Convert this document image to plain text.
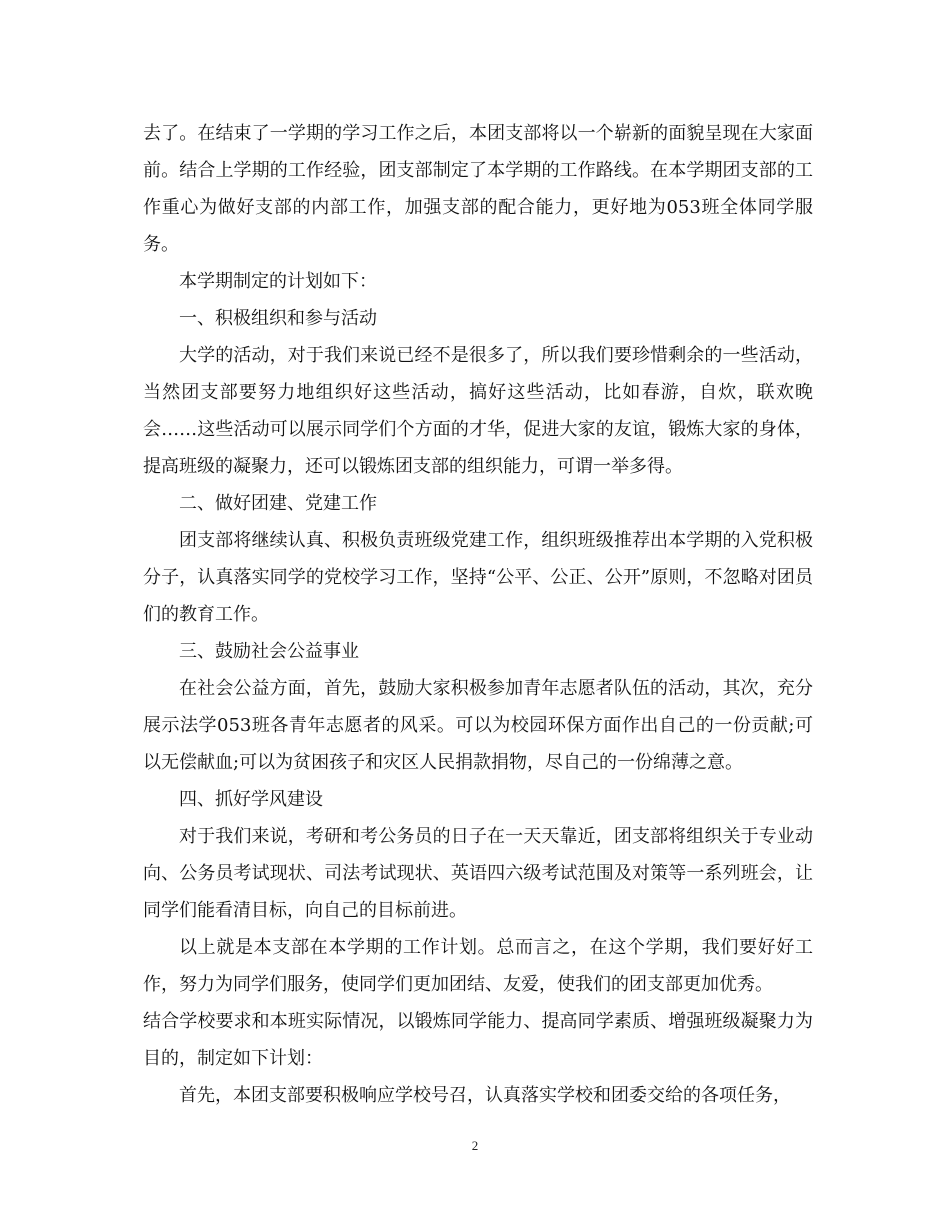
去了。在结束了一学期的学习工作之后，本团支部将以一个崭新的面貌呈现在大家面前。结合上学期的工作经验，团支部制定了本学期的工作路线。在本学期团支部的工作重心为做好支部的内部工作，加强支部的配合能力，更好地为053班全体同学服务。

本学期制定的计划如下：

一、积极组织和参与活动

大学的活动，对于我们来说已经不是很多了，所以我们要珍惜剩余的一些活动，当然团支部要努力地组织好这些活动，搞好这些活动，比如春游，自炊，联欢晚会……这些活动可以展示同学们个方面的才华，促进大家的友谊，锻炼大家的身体，提高班级的凝聚力，还可以锻炼团支部的组织能力，可谓一举多得。

二、做好团建、党建工作

团支部将继续认真、积极负责班级党建工作，组织班级推荐出本学期的入党积极分子，认真落实同学的党校学习工作，坚持“公平、公正、公开”原则，不忽略对团员们的教育工作。

三、鼓励社会公益事业

在社会公益方面，首先，鼓励大家积极参加青年志愿者队伍的活动，其次，充分展示法学053班各青年志愿者的风采。可以为校园环保方面作出自己的一份贡献;可以无偿献血;可以为贫困孩子和灾区人民捐款捐物，尽自己的一份绵薄之意。

四、抓好学风建设

对于我们来说，考研和考公务员的日子在一天天靠近，团支部将组织关于专业动向、公务员考试现状、司法考试现状、英语四六级考试范围及对策等一系列班会，让同学们能看清目标，向自己的目标前进。

以上就是本支部在本学期的工作计划。总而言之，在这个学期，我们要好好工作，努力为同学们服务，使同学们更加团结、友爱，使我们的团支部更加优秀。

结合学校要求和本班实际情况，以锻炼同学能力、提高同学素质、增强班级凝聚力为目的，制定如下计划：

首先，本团支部要积极响应学校号召，认真落实学校和团委交给的各项任务，

2
